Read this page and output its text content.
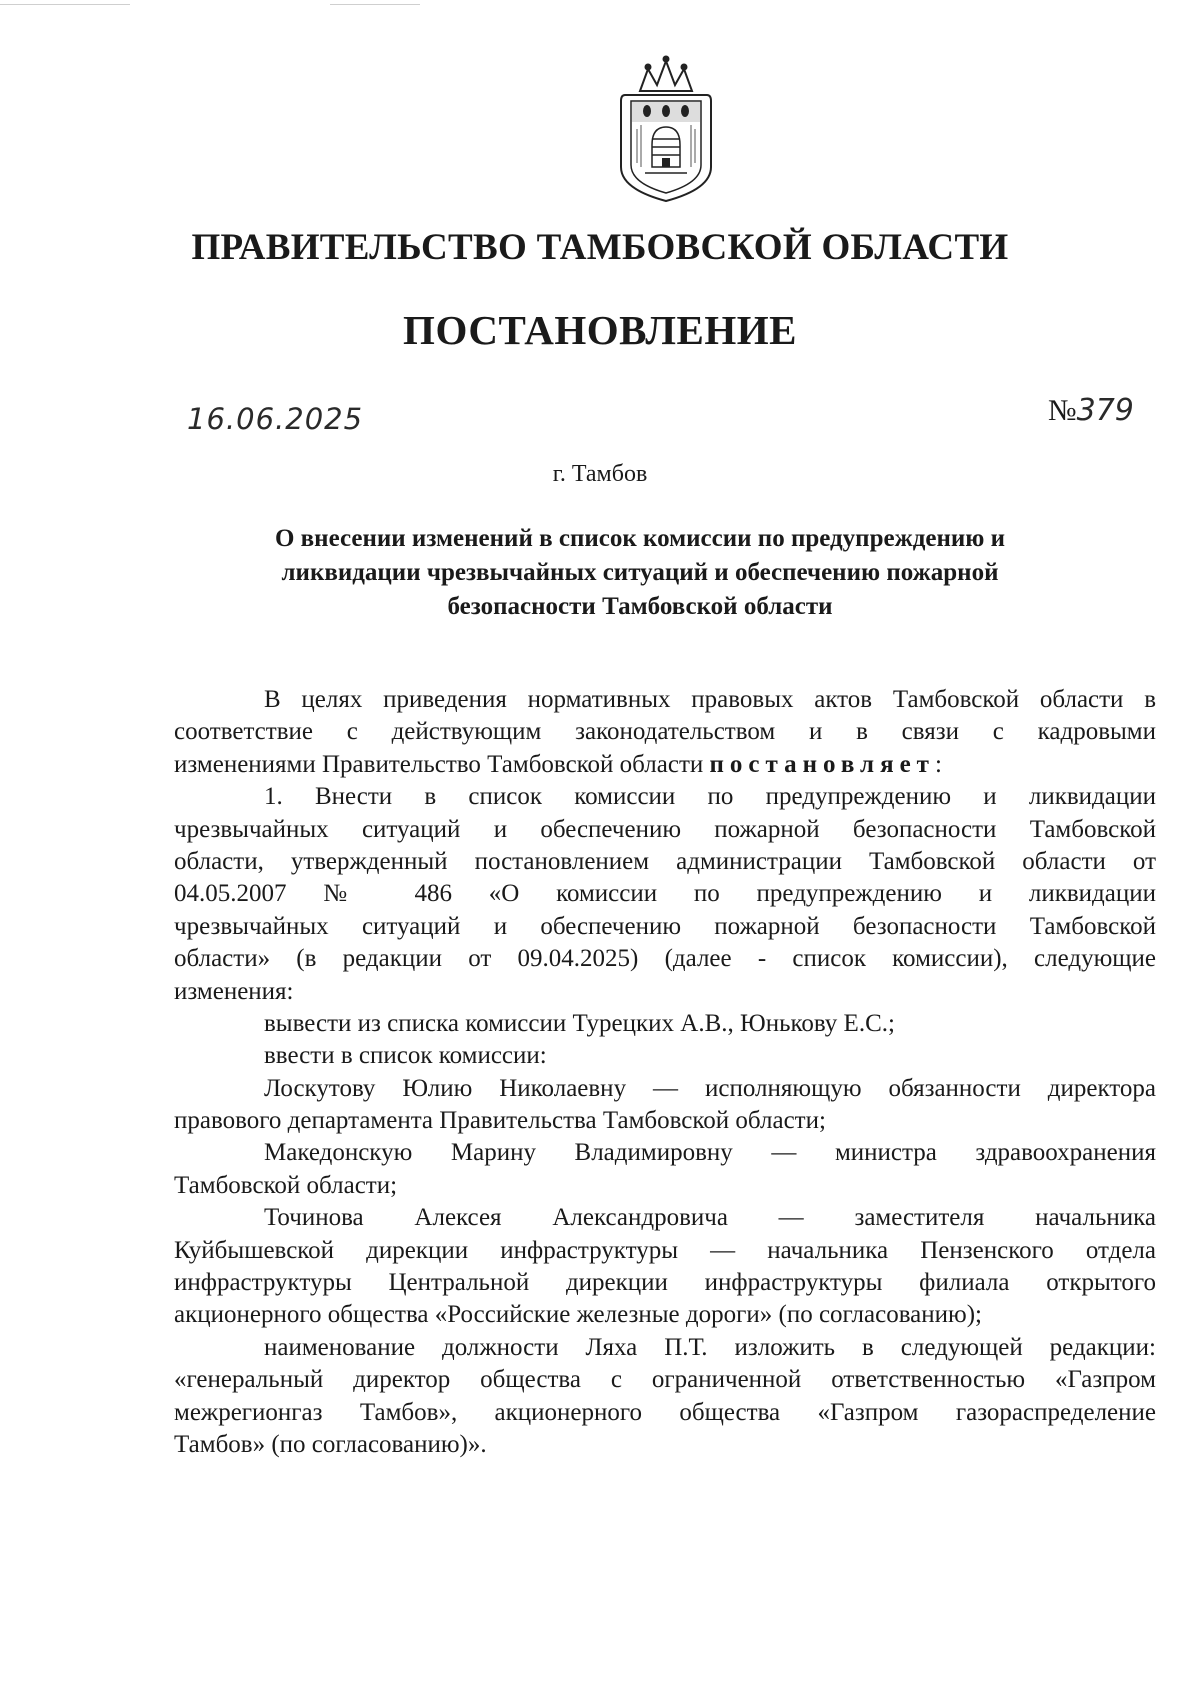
ПРАВИТЕЛЬСТВО ТАМБОВСКОЙ ОБЛАСТИ
ПОСТАНОВЛЕНИЕ
16.06.2025	№379
г. Тамбов
О внесении изменений в список комиссии по предупреждению и
ликвидации чрезвычайных ситуаций и обеспечению пожарной
безопасности Тамбовской области

В целях приведения нормативных правовых актов Тамбовской области в
соответствие с действующим законодательством и в связи с кадровыми
изменениями Правительство Тамбовской области постановляет:

1. Внести в список комиссии по предупреждению и ликвидации
чрезвычайных ситуаций и обеспечению пожарной безопасности Тамбовской
области, утвержденный постановлением администрации Тамбовской области от
04.05.2007 № 486 «О комиссии по предупреждению и ликвидации
чрезвычайных ситуаций и обеспечению пожарной безопасности Тамбовской
области» (в редакции от 09.04.2025) (далее - список комиссии), следующие
изменения:

вывести из списка комиссии Турецких А.В., Юнькову Е.С.;

ввести в список комиссии:

Лоскутову Юлию Николаевну — исполняющую обязанности директора
правового департамента Правительства Тамбовской области;

Македонскую Марину Владимировну — министра здравоохранения
Тамбовской области;

Точинова Алексея Александровича — заместителя начальника
Куйбышевской дирекции инфраструктуры — начальника Пензенского отдела
инфраструктуры Центральной дирекции инфраструктуры филиала открытого
акционерного общества «Российские железные дороги» (по согласованию);

наименование должности Ляха П.Т. изложить в следующей редакции:
«генеральный директор общества с ограниченной ответственностью «Газпром
межрегионгаз Тамбов», акционерного общества «Газпром газораспределение
Тамбов» (по согласованию)».
